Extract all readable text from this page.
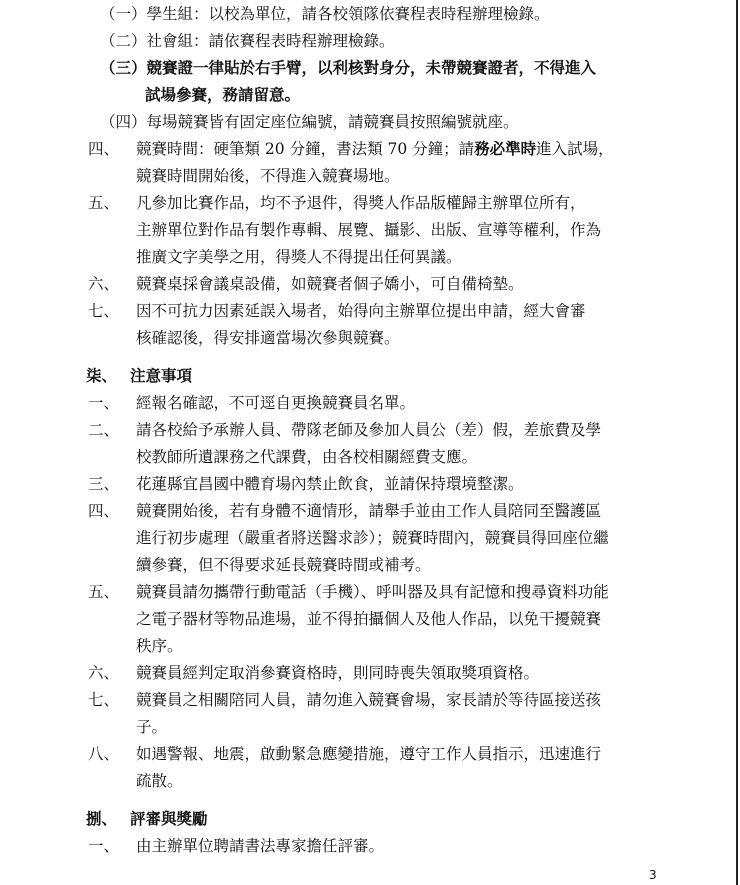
（一）學生組：以校為單位，請各校領隊依賽程表時程辦理檢錄。
（二）社會組：請依賽程表時程辦理檢錄。
（三）競賽證一律貼於右手臂，以利核對身分，未帶競賽證者，不得進入
試場參賽，務請留意。
（四）每場競賽皆有固定座位編號，請競賽員按照編號就座。
四、 競賽時間：硬筆類 20 分鐘，書法類 70 分鐘；請務必準時進入試場，
競賽時間開始後，不得進入競賽場地。
五、 凡參加比賽作品，均不予退件，得獎人作品版權歸主辦單位所有，
主辦單位對作品有製作專輯、展覽、攝影、出版、宣導等權利，作為
推廣文字美學之用，得獎人不得提出任何異議。
六、 競賽桌採會議桌設備，如競賽者個子嬌小，可自備椅墊。
七、 因不可抗力因素延誤入場者，始得向主辦單位提出申請，經大會審
核確認後，得安排適當場次參與競賽。
柒、 注意事項
一、 經報名確認，不可逕自更換競賽員名單。
二、 請各校給予承辦人員、帶隊老師及參加人員公（差）假，差旅費及學
校教師所遺課務之代課費，由各校相關經費支應。
三、 花蓮縣宜昌國中體育場內禁止飲食，並請保持環境整潔。
四、 競賽開始後，若有身體不適情形，請舉手並由工作人員陪同至醫護區
進行初步處理（嚴重者將送醫求診）；競賽時間內，競賽員得回座位繼
續參賽，但不得要求延長競賽時間或補考。
五、 競賽員請勿攜帶行動電話（手機）、呼叫器及具有記憶和搜尋資料功能
之電子器材等物品進場，並不得拍攝個人及他人作品，以免干擾競賽
秩序。
六、 競賽員經判定取消參賽資格時，則同時喪失領取獎項資格。
七、 競賽員之相關陪同人員，請勿進入競賽會場，家長請於等待區接送孩
子。
八、 如遇警報、地震，啟動緊急應變措施，遵守工作人員指示，迅速進行
疏散。
捌、 評審與獎勵
一、 由主辦單位聘請書法專家擔任評審。
3
